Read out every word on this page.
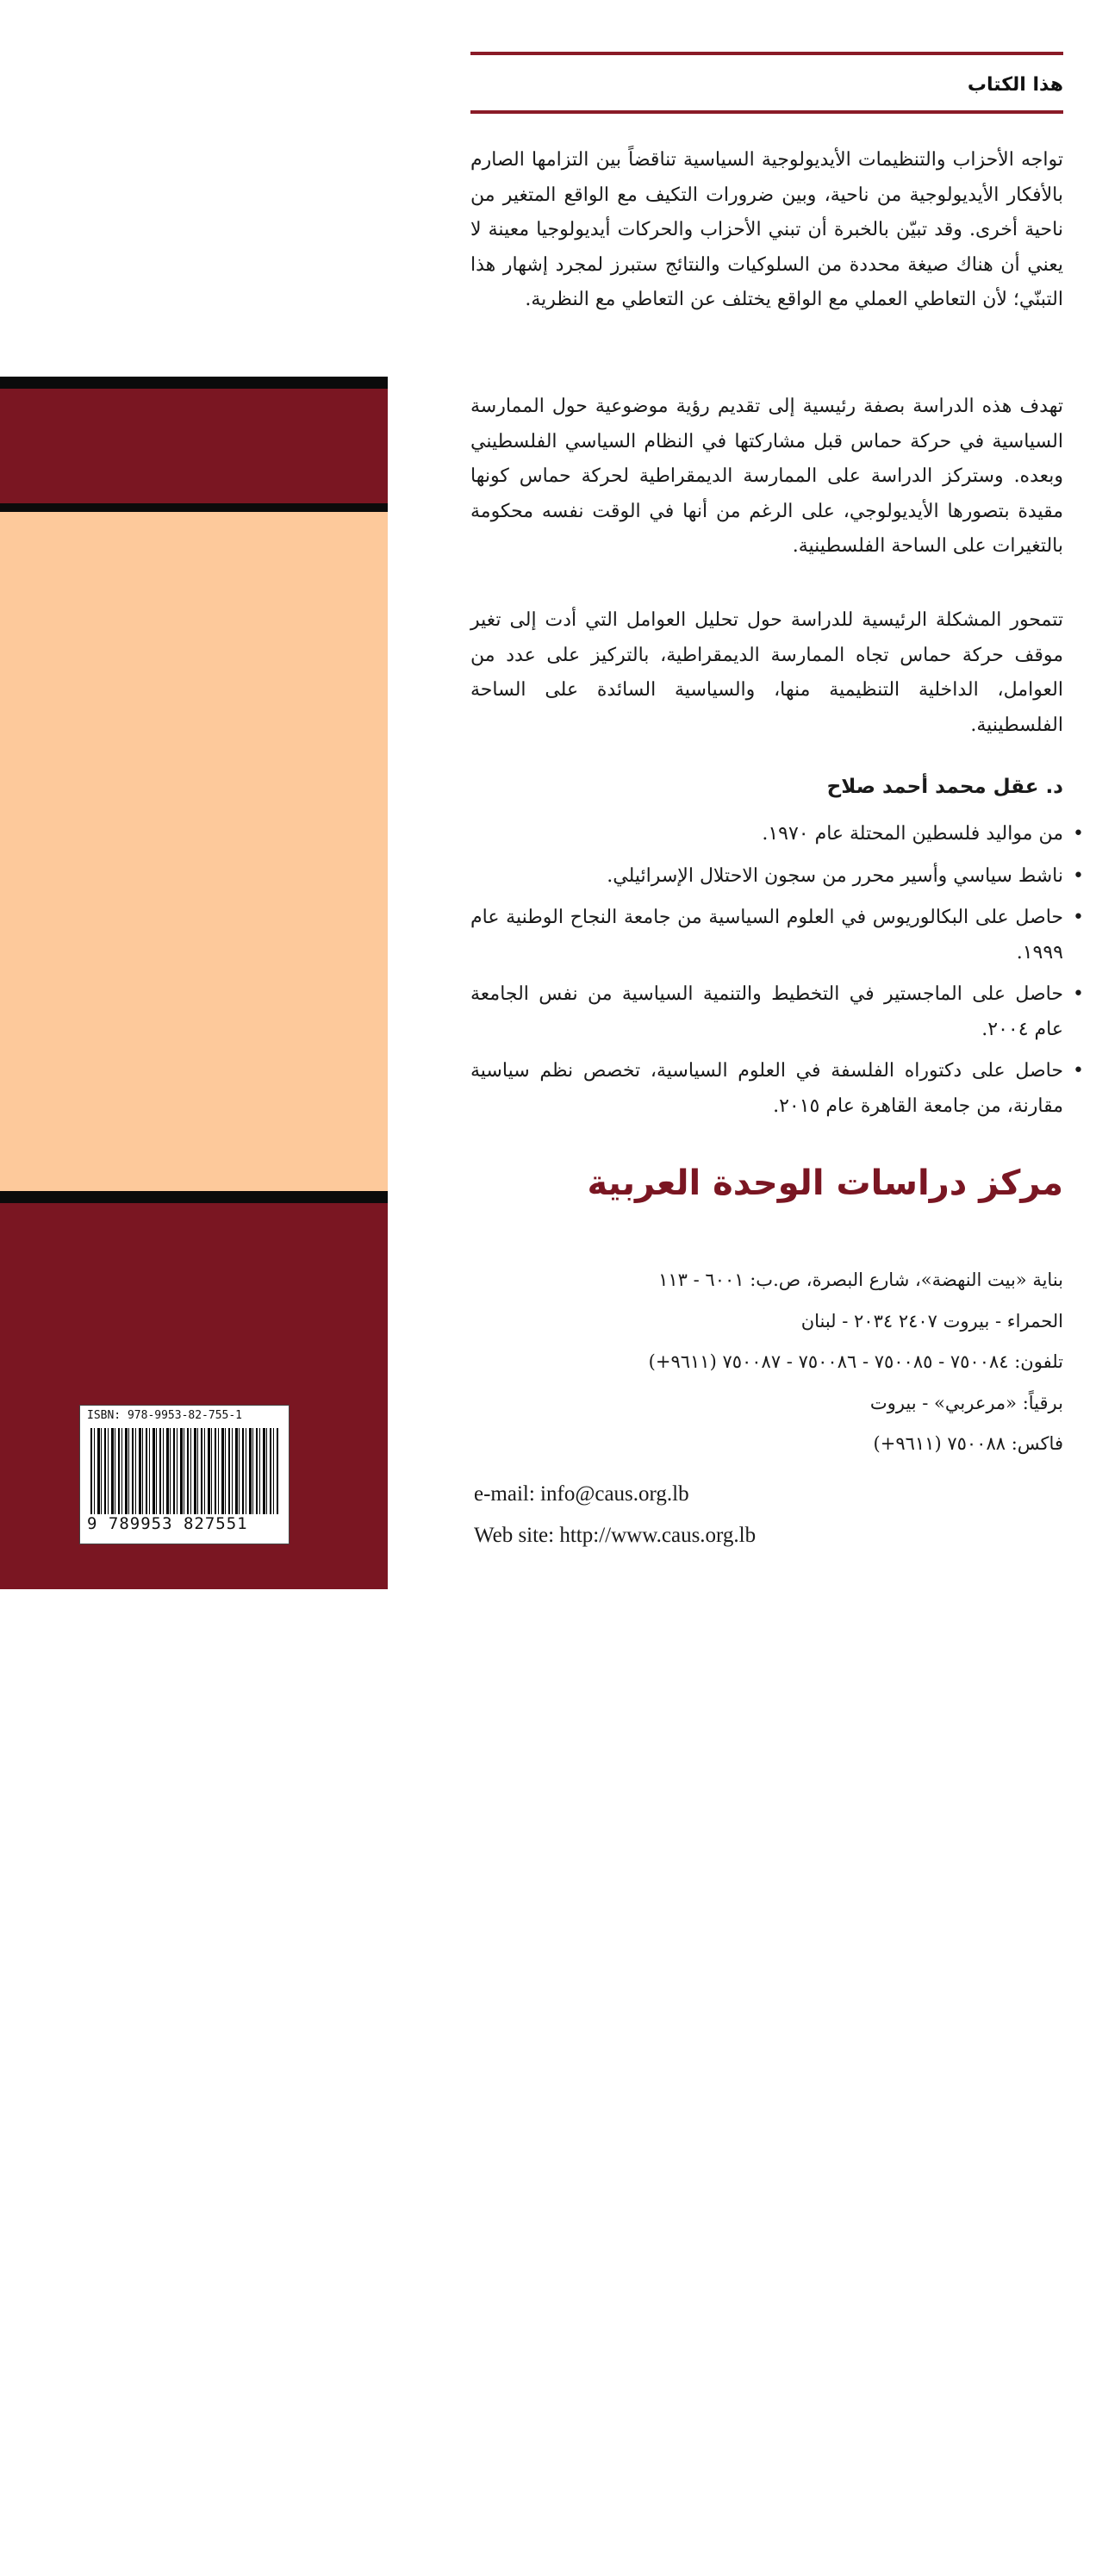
الثمن: ١٦ دولاراً
أو ما يعادلها
ISBN: 978-9953-82-755-1
9 789953 827551
هذا الكتاب

تواجه الأحزاب والتنظيمات الأيديولوجية السياسية تناقضاً بين التزامها الصارم بالأفكار الأيديولوجية من ناحية، وبين ضرورات التكيف مع الواقع المتغير من ناحية أخرى. وقد تبيّن بالخبرة أن تبني الأحزاب والحركات أيديولوجيا معينة لا يعني أن هناك صيغة محددة من السلوكيات والنتائج ستبرز لمجرد إشهار هذا التبنّي؛ لأن التعاطي العملي مع الواقع يختلف عن التعاطي مع النظرية.

تهدف هذه الدراسة بصفة رئيسية إلى تقديم رؤية موضوعية حول الممارسة السياسية في حركة حماس قبل مشاركتها في النظام السياسي الفلسطيني وبعده. وستركز الدراسة على الممارسة الديمقراطية لحركة حماس كونها مقيدة بتصورها الأيديولوجي، على الرغم من أنها في الوقت نفسه محكومة بالتغيرات على الساحة الفلسطينية.

تتمحور المشكلة الرئيسية للدراسة حول تحليل العوامل التي أدت إلى تغير موقف حركة حماس تجاه الممارسة الديمقراطية، بالتركيز على عدد من العوامل، الداخلية التنظيمية منها، والسياسية السائدة على الساحة الفلسطينية.

د. عقل محمد أحمد صلاح
• من مواليد فلسطين المحتلة عام ١٩٧٠.
• ناشط سياسي وأسير محرر من سجون الاحتلال الإسرائيلي.
• حاصل على البكالوريوس في العلوم السياسية من جامعة النجاح الوطنية عام ١٩٩٩.
• حاصل على الماجستير في التخطيط والتنمية السياسية من نفس الجامعة عام ٢٠٠٤.
• حاصل على دكتوراه الفلسفة في العلوم السياسية، تخصص نظم سياسية مقارنة، من جامعة القاهرة عام ٢٠١٥.
مركز دراسات الوحدة العربية
بناية «بيت النهضة»، شارع البصرة، ص.ب: ٦٠٠١ - ١١٣
الحمراء - بيروت ٢٤٠٧ ٢٠٣٤ - لبنان
تلفون: ٧٥٠٠٨٤ - ٧٥٠٠٨٥ - ٧٥٠٠٨٦ - ٧٥٠٠٨٧ (٩٦١١+)
برقياً: «مرعربي» - بيروت
فاكس: ٧٥٠٠٨٨ (٩٦١١+)
e-mail: info@caus.org.lb
Web site: http://www.caus.org.lb
